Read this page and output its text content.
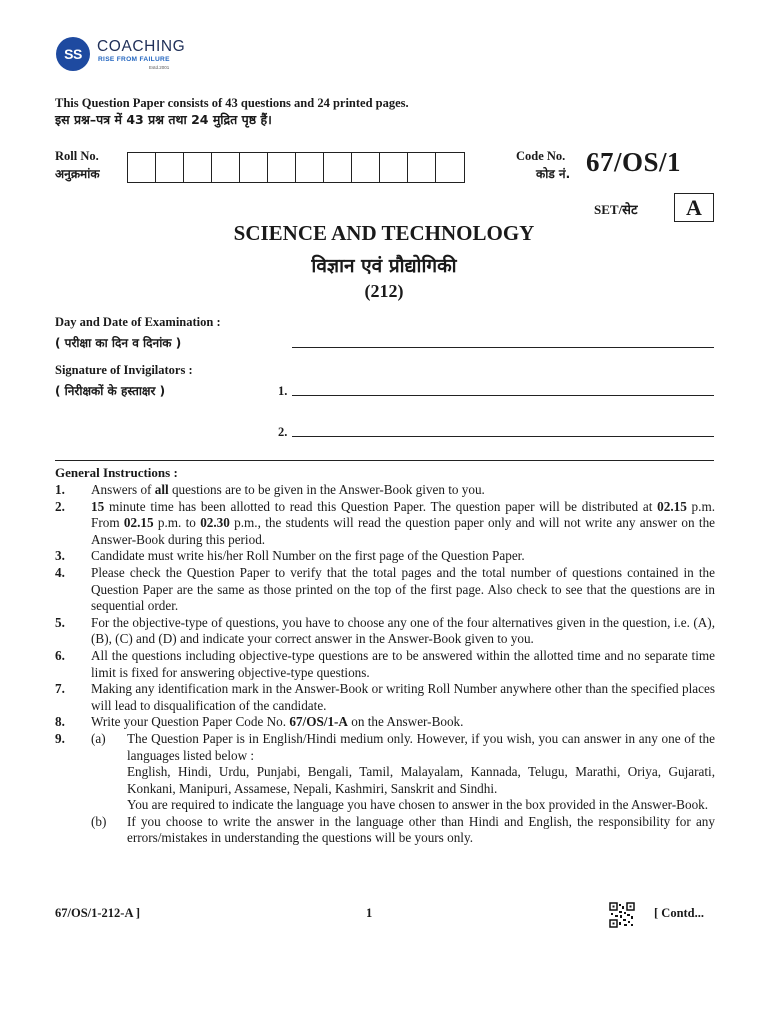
SS COACHING
RISE FROM FAILURE
Estd.2001
This Question Paper consists of 43 questions and 24 printed pages.
इस प्रश्न–पत्र में 43 प्रश्न तथा 24 मुद्रित पृष्ठ हैं।
Roll No.
अनुक्रमांक
Code No.
कोड नं. 67/OS/1
SET/सेट	A
SCIENCE AND TECHNOLOGY
विज्ञान एवं प्रौद्योगिकी
(212)
Day and Date of Examination :
( परीक्षा का दिन व दिनांक )
Signature of Invigilators :
( निरीक्षकों के हस्ताक्षर )	1.
2.
General Instructions :
1.	Answers of all questions are to be given in the Answer-Book given to you.
2.	15 minute time has been allotted to read this Question Paper. The question paper will be distributed at 02.15 p.m. From 02.15 p.m. to 02.30 p.m., the students will read the question paper only and will not write any answer on the Answer-Book during this period.
3.	Candidate must write his/her Roll Number on the first page of the Question Paper.
4.	Please check the Question Paper to verify that the total pages and the total number of questions contained in the Question Paper are the same as those printed on the top of the first page. Also check to see that the questions are in sequential order.
5.	For the objective-type of questions, you have to choose any one of the four alternatives given in the question, i.e. (A), (B), (C) and (D) and indicate your correct answer in the Answer-Book given to you.
6.	All the questions including objective-type questions are to be answered within the allotted time and no separate time limit is fixed for answering objective-type questions.
7.	Making any identification mark in the Answer-Book or writing Roll Number anywhere other than the specified places will lead to disqualification of the candidate.
8.	Write your Question Paper Code No. 67/OS/1-A on the Answer-Book.
9.	(a)	The Question Paper is in English/Hindi medium only. However, if you wish, you can answer in any one of the languages listed below :
English, Hindi, Urdu, Punjabi, Bengali, Tamil, Malayalam, Kannada, Telugu, Marathi, Oriya, Gujarati, Konkani, Manipuri, Assamese, Nepali, Kashmiri, Sanskrit and Sindhi.
You are required to indicate the language you have chosen to answer in the box provided in the Answer-Book.
(b)	If you choose to write the answer in the language other than Hindi and English, the responsibility for any errors/mistakes in understanding the questions will be yours only.
67/OS/1-212-A ]	1	[ Contd...
